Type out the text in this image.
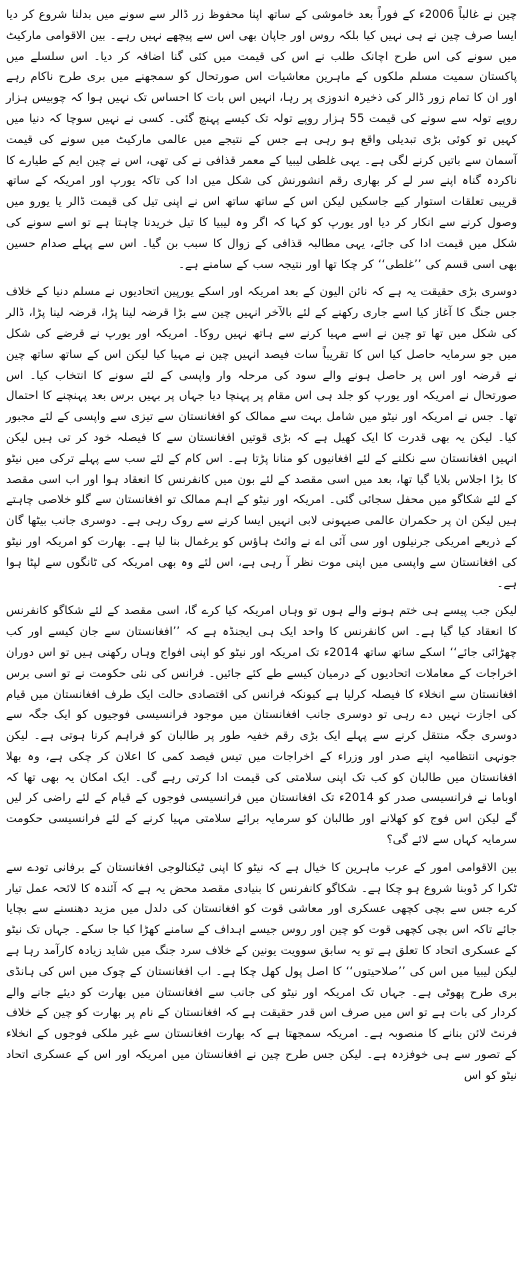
چین نے غالباً 2006ء کے فوراً بعد خاموشی کے ساتھ اپنا محفوظ زر ڈالر سے سونے میں بدلنا شروع کر دیا ایسا صرف چین نے ہی نہیں کیا بلکہ روس اور جاپان بھی اس سے پیچھے نہیں رہے۔ بین الاقوامی مارکیٹ میں سونے کی اس طرح اچانک طلب نے اس کی قیمت میں کئی گنا اضافہ کر دیا۔ اس سلسلے میں پاکستان سمیت مسلم ملکوں کے ماہرین معاشیات اس صورتحال کو سمجھنے میں بری طرح ناکام رہے اور ان کا تمام زور ڈالر کی ذخیرہ اندوزی پر رہا، انہیں اس بات کا احساس تک نہیں ہوا کہ چوبیس ہزار روپے تولہ سے سونے کی قیمت 55 ہزار روپے تولہ تک کیسے پہنچ گئی۔ کسی نے نہیں سوچا کہ دنیا میں کہیں تو کوئی بڑی تبدیلی واقع ہو رہی ہے جس کے نتیجے میں عالمی مارکیٹ میں سونے کی قیمت آسمان سے باتیں کرنے لگی ہے۔ یہی غلطی لیبیا کے معمر قذافی نے کی تھی، اس نے چین ایم کے طیارے کا ناکردہ گناہ اپنے سر لے کر بھاری رقم انشورنش کی شکل میں ادا کی تاکہ یورپ اور امریکہ کے ساتھ قریبی تعلقات استوار کیے جاسکیں لیکن اس کے ساتھ ساتھ اس نے اپنی تیل کی قیمت ڈالر یا یورو میں وصول کرنے سے انکار کر دیا اور یورپ کو کہا کہ اگر وہ لیبیا کا تیل خریدنا چاہتا ہے تو اسے سونے کی شکل میں قیمت ادا کی جائے، یہی مطالبہ قذافی کے زوال کا سبب بن گیا۔ اس سے پہلے صدام حسین بھی اسی قسم کی ’’غلطی‘‘ کر چکا تھا اور نتیجہ سب کے سامنے ہے۔

دوسری بڑی حقیقت یہ ہے کہ نائن الیون کے بعد امریکہ اور اسکے یورپین اتحادیوں نے مسلم دنیا کے خلاف جس جنگ کا آغاز کیا اسے جاری رکھنے کے لئے بالآخر انہیں چین سے بڑا قرضہ لینا پڑا، قرضہ لینا پڑا، ڈالر کی شکل میں تھا تو چین نے اسے مہیا کرنے سے ہاتھ نہیں روکا۔ امریکہ اور یورپ نے قرضے کی شکل میں جو سرمایہ حاصل کیا اس کا تقریباً سات فیصد انہیں چین نے مہیا کیا لیکن اس کے ساتھ ساتھ چین نے قرضہ اور اس پر حاصل ہونے والے سود کی مرحلہ وار واپسی کے لئے سونے کا انتخاب کیا۔ اس صورتحال نے امریکہ اور یورپ کو جلد ہی اس مقام پر پہنچا دیا جہاں پر بہیں برس بعد پہنچنے کا احتمال تھا۔ جس نے امریکہ اور نیٹو میں شامل بہت سے ممالک کو افغانستان سے تیزی سے واپسی کے لئے مجبور کیا۔ لیکن یہ بھی قدرت کا ایک کھیل ہے کہ بڑی قوتیں افغانستان سے کا فیصلہ خود کر تی ہیں لیکن انہیں افغانستان سے نکلنے کے لئے افغانیوں کو منانا پڑتا ہے۔ اس کام کے لئے سب سے پہلے ترکی میں نیٹو کا بڑا اجلاس بلایا گیا تھا، بعد میں اسی مقصد کے لئے بون میں کانفرنس کا انعقاد ہوا اور اب اسی مقصد کے لئے شکاگو میں محفل سجائی گئی۔ امریکہ اور نیٹو کے اہم ممالک تو افغانستان سے گلو خلاصی چاہتے ہیں لیکن ان پر حکمران عالمی صیہونی لابی انہیں ایسا کرنے سے روک رہی ہے۔ دوسری جانب بیٹھا گان کے ذریعے امریکی جرنیلوں اور سی آئی اے نے وائٹ ہاؤس کو یرغمال بنا لیا ہے۔ بھارت کو امریکہ اور نیٹو کی افغانستان سے واپسی میں اپنی موت نظر آ رہی ہے، اس لئے وہ بھی امریکہ کی ٹانگوں سے لپٹا ہوا ہے۔

لیکن جب پیسے ہی ختم ہونے والے ہوں تو وہاں امریکہ کیا کرے گا، اسی مقصد کے لئے شکاگو کانفرنس کا انعقاد کیا گیا ہے۔ اس کانفرنس کا واحد ایک ہی ایجنڈہ ہے کہ ’’افغانستان سے جان کیسے اور کب چھڑائی جائے‘‘ اسکے ساتھ ساتھ 2014ء تک امریکہ اور نیٹو کو اپنی افواج وہاں رکھنی ہیں تو اس دوران اخراجات کے معاملات اتحادیوں کے درمیان کیسے طے کئے جائیں۔ فرانس کی نئی حکومت نے تو اسی برس افغانستان سے انخلاء کا فیصلہ کرلیا ہے کیونکہ فرانس کی اقتصادی حالت ایک طرف افغانستان میں قیام کی اجازت نہیں دے رہی تو دوسری جانب افغانستان میں موجود فرانسیسی فوجیوں کو ایک جگہ سے دوسری جگہ منتقل کرنے سے پہلے ایک بڑی رقم خفیہ طور پر طالبان کو فراہم کرنا ہوتی ہے۔ لیکن جونہی انتظامیہ اپنے صدر اور وزراء کے اخراجات میں تیس فیصد کمی کا اعلان کر چکی ہے، وہ بھلا افغانستان میں طالبان کو کب تک اپنی سلامتی کی قیمت ادا کرتی رہے گی۔ ایک امکان یہ بھی تھا کہ اوباما نے فرانسیسی صدر کو 2014ء تک افغانستان میں فرانسیسی فوجوں کے قیام کے لئے راضی کر لیں گے لیکن اس فوج کو کھلانے اور طالبان کو سرمایہ برائے سلامتی مہیا کرنے کے لئے فرانسیسی حکومت سرمایہ کہاں سے لائے گی؟

بین الاقوامی امور کے عرب ماہرین کا خیال ہے کہ نیٹو کا اپنی ٹیکنالوجی افغانستان کے برفانی تودے سے ٹکرا کر ڈوبنا شروع ہو چکا ہے۔ شکاگو کانفرنس کا بنیادی مقصد محض یہ ہے کہ آئندہ کا لائحہ عمل تیار کرے جس سے بچی کچھی عسکری اور معاشی قوت کو افغانستان کی دلدل میں مزید دھنسنے سے بچایا جائے تاکہ اس بچی کچھی قوت کو چین اور روس جیسے اہداف کے سامنے کھڑا کیا جا سکے۔ جہاں تک نیٹو کے عسکری اتحاد کا تعلق ہے تو یہ سابق سوویت یونین کے خلاف سرد جنگ میں شاید زیادہ کارآمد رہا ہے لیکن لیبیا میں اس کی ’’صلاحیتوں‘‘ کا اصل پول کھل چکا ہے۔ اب افغانستان کے چوک میں اس کی ہانڈی بری طرح پھوٹی ہے۔ جہاں تک امریکہ اور نیٹو کی جانب سے افغانستان میں بھارت کو دیئے جانے والے کردار کی بات ہے تو اس میں صرف اس قدر حقیقت ہے کہ افغانستان کے نام پر بھارت کو چین کے خلاف فرنٹ لائن بنانے کا منصوبہ ہے۔ امریکہ سمجھتا ہے کہ بھارت افغانستان سے غیر ملکی فوجوں کے انخلاء کے تصور سے ہی خوفزدہ ہے۔ لیکن جس طرح چین نے افغانستان میں امریکہ اور اس کے عسکری اتحاد نیٹو کو اس
